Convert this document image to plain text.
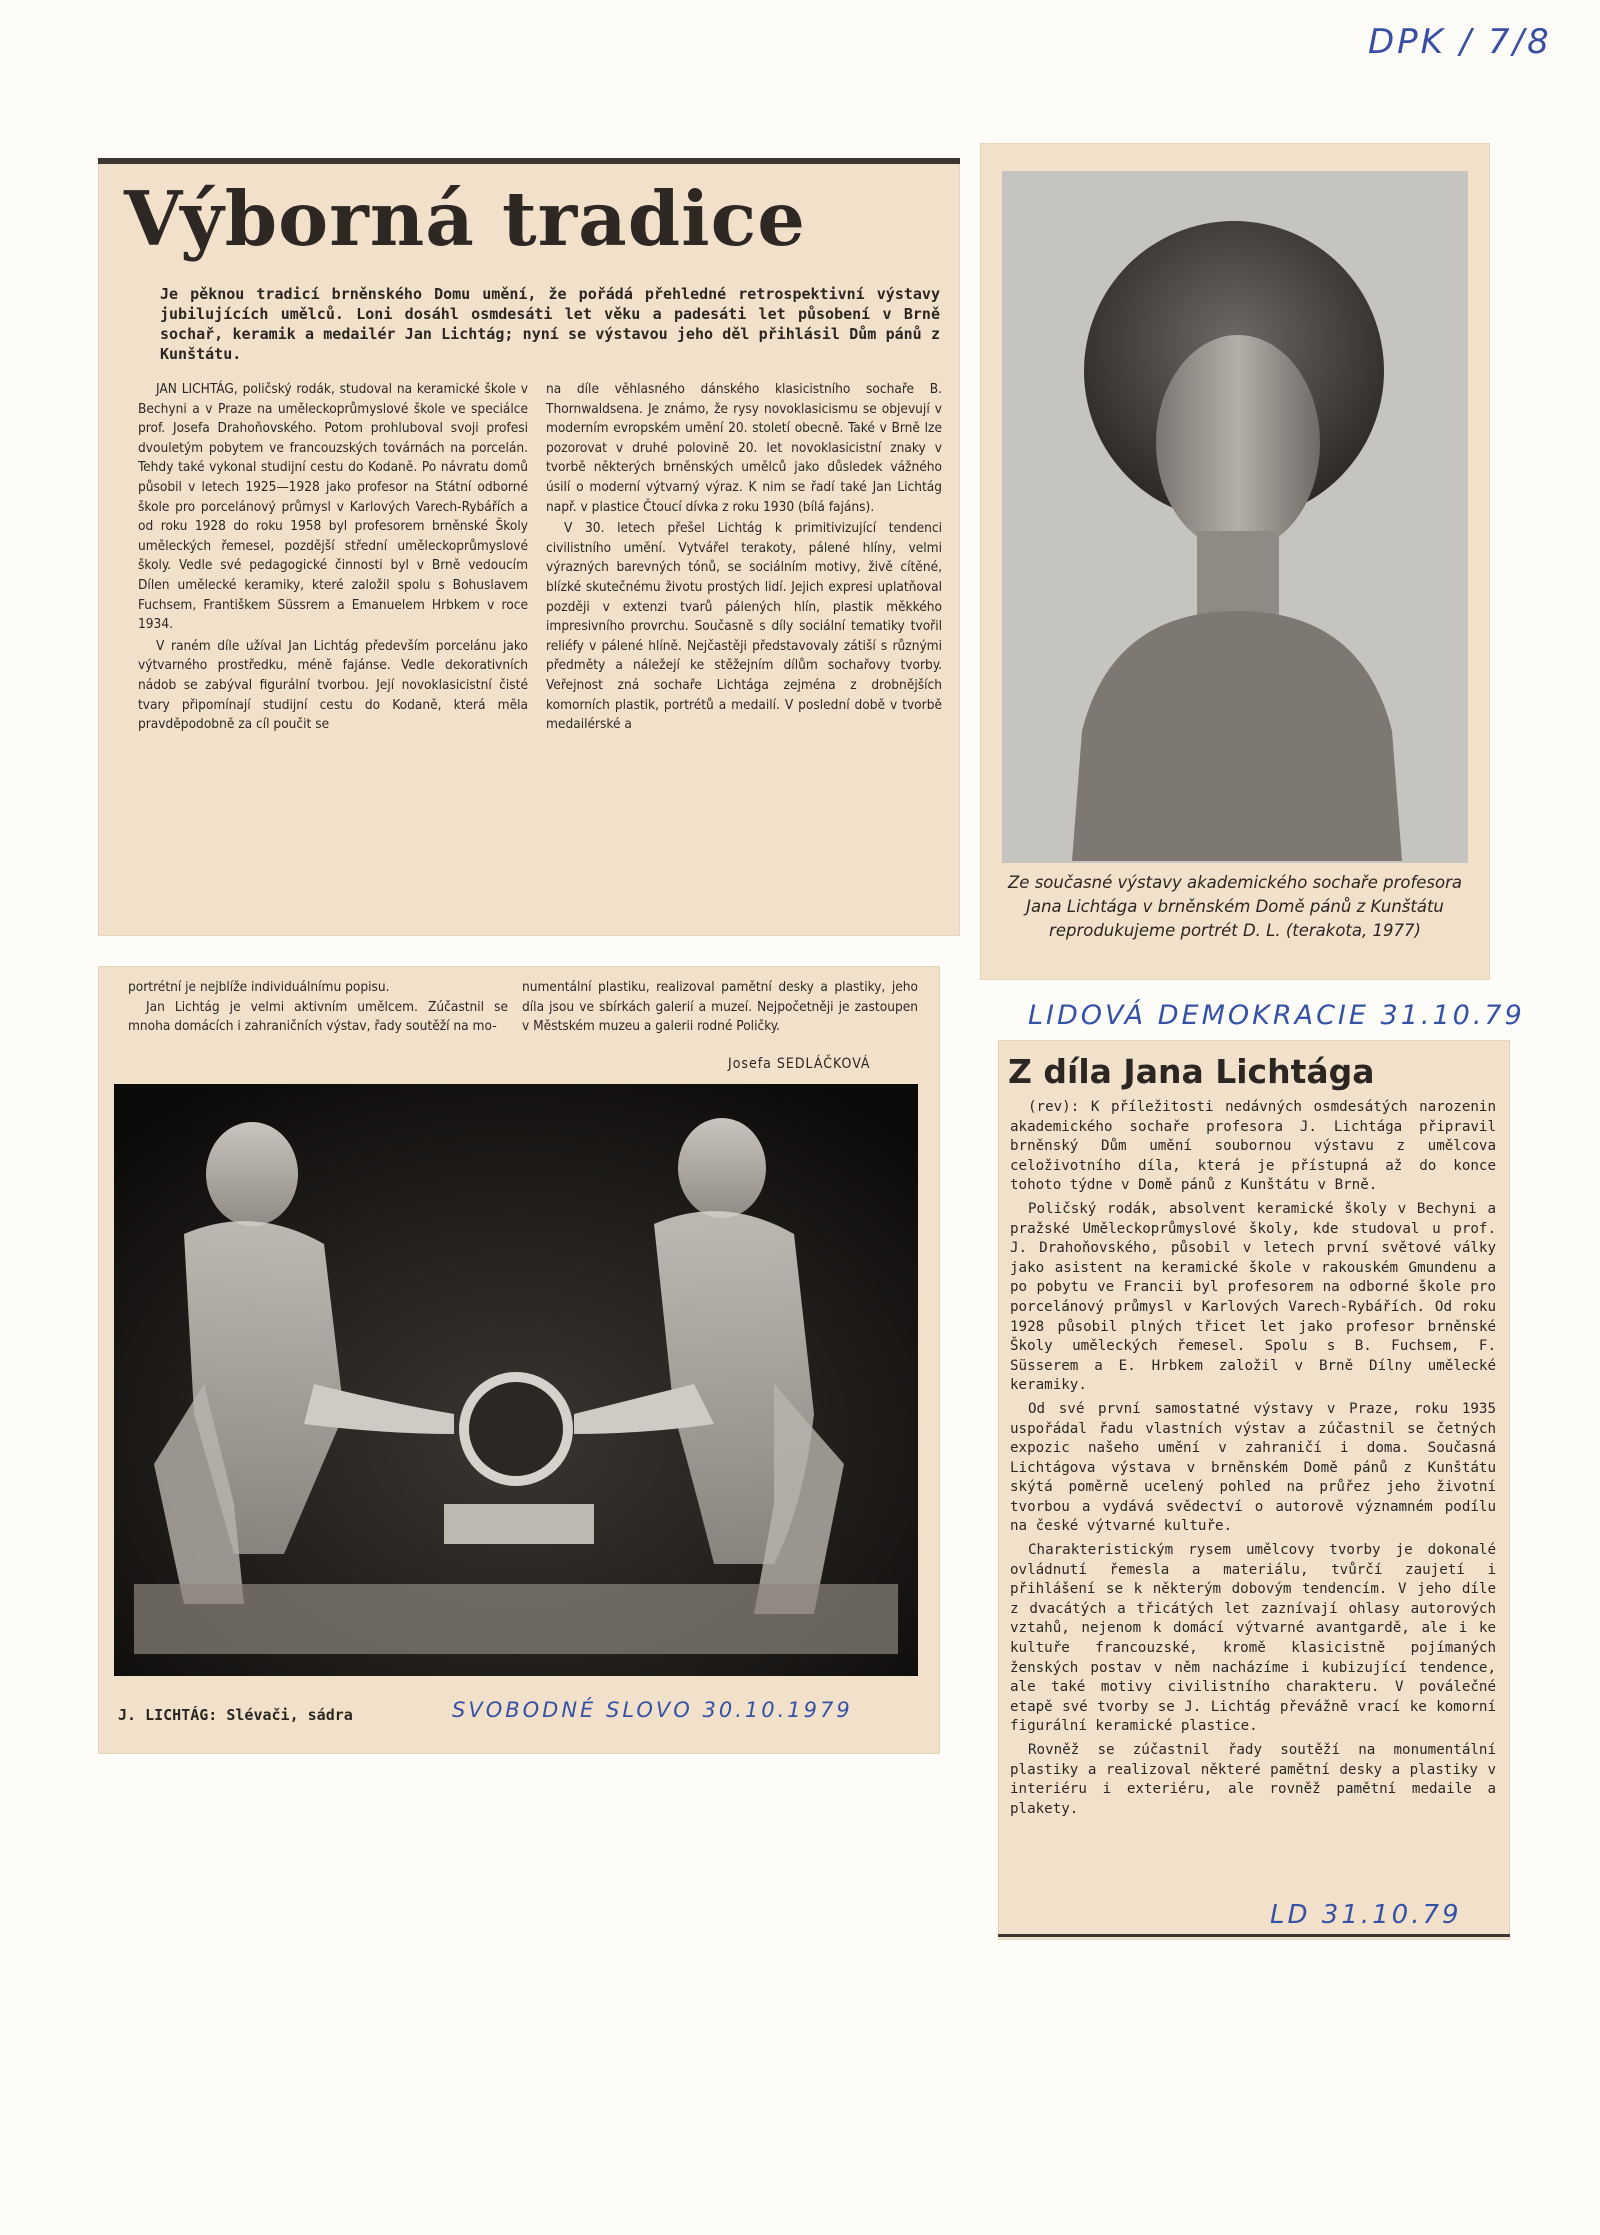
DPK / 7/8
Výborná tradice
Je pěknou tradicí brněnského Domu umění, že pořádá přehledné retrospektivní výstavy jubilujících umělců. Loni dosáhl osmdesáti let věku a padesáti let působení v Brně sochař, keramik a medailér Jan Lichtág; nyní se výstavou jeho děl přihlásil Dům pánů z Kunštátu.

JAN LICHTÁG, poličský rodák, studoval na keramické škole v Bechyni a v Praze na uměleckoprůmyslové škole ve speciálce prof. Josefa Drahoňovského. Potom prohluboval svoji profesi dvouletým pobytem ve francouzských továrnách na porcelán. Tehdy také vykonal studijní cestu do Kodaně. Po návratu domů působil v letech 1925—1928 jako profesor na Státní odborné škole pro porcelánový průmysl v Karlových Varech-Rybářích a od roku 1928 do roku 1958 byl profesorem brněnské Školy uměleckých řemesel, pozdější střední uměleckoprůmyslové školy. Vedle své pedagogické činnosti byl v Brně vedoucím Dílen umělecké keramiky, které založil spolu s Bohuslavem Fuchsem, Františkem Süssrem a Emanuelem Hrbkem v roce 1934.

V raném díle užíval Jan Lichtág především porcelánu jako výtvarného prostředku, méně fajánse. Vedle dekorativních nádob se zabýval figurální tvorbou. Její novoklasicistní čisté tvary připomínají studijní cestu do Kodaně, která měla pravděpodobně za cíl poučit se

na díle věhlasného dánského klasicistního sochaře B. Thornwaldsena. Je známo, že rysy novoklasicismu se objevují v moderním evropském umění 20. století obecně. Také v Brně lze pozorovat v druhé polovině 20. let novoklasicistní znaky v tvorbě některých brněnských umělců jako důsledek vážného úsilí o moderní výtvarný výraz. K nim se řadí také Jan Lichtág např. v plastice Čtoucí dívka z roku 1930 (bílá fajáns).

V 30. letech přešel Lichtág k primitivizující tendenci civilistního umění. Vytvářel terakoty, pálené hlíny, velmi výrazných barevných tónů, se sociálním motivy, živě cítěné, blízké skutečnému životu prostých lidí. Jejich expresi uplatňoval později v extenzi tvarů pálených hlín, plastik měkkého impresivního provrchu. Současně s díly sociální tematiky tvořil reliéfy v pálené hlíně. Nejčastěji představovaly zátiší s různými předměty a náležejí ke stěžejním dílům sochařovy tvorby. Veřejnost zná sochaře Lichtága zejména z drobnějších komorních plastik, portrétů a medailí. V poslední době v tvorbě medailérské a

portrétní je nejblíže individuálnímu popisu.

Jan Lichtág je velmi aktivním umělcem. Zúčastnil se mnoha domácích i zahraničních výstav, řady soutěží na mo-

numentální plastiku, realizoval pamětní desky a plastiky, jeho díla jsou ve sbírkách galerií a muzeí. Nejpočetněji je zastoupen v Městském muzeu a galerii rodné Poličky.

Josefa SEDLÁČKOVÁ
J. LICHTÁG: Slévači, sádra	SVOBODNÉ SLOVO 30.10.1979
Ze současné výstavy akademického sochaře profesora Jana Lichtága v brněnském Domě pánů z Kunštátu reprodukujeme portrét D. L. (terakota, 1977)
LIDOVÁ DEMOKRACIE 31.10.79
Z díla Jana Lichtága

(rev): K příležitosti nedávných osmdesátých narozenin akademického sochaře profesora J. Lichtága připravil brněnský Dům umění soubornou výstavu z umělcova celoživotního díla, která je přístupná až do konce tohoto týdne v Domě pánů z Kunštátu v Brně.

Poličský rodák, absolvent keramické školy v Bechyni a pražské Uměleckoprůmyslové školy, kde studoval u prof. J. Drahoňovského, působil v letech první světové války jako asistent na keramické škole v rakouském Gmundenu a po pobytu ve Francii byl profesorem na odborné škole pro porcelánový průmysl v Karlových Varech-Rybářích. Od roku 1928 působil plných třicet let jako profesor brněnské Školy uměleckých řemesel. Spolu s B. Fuchsem, F. Süsserem a E. Hrbkem založil v Brně Dílny umělecké keramiky.

Od své první samostatné výstavy v Praze, roku 1935 uspořádal řadu vlastních výstav a zúčastnil se četných expozic našeho umění v zahraničí i doma. Současná Lichtágova výstava v brněnském Domě pánů z Kunštátu skýtá poměrně ucelený pohled na průřez jeho životní tvorbou a vydává svědectví o autorově významném podílu na české výtvarné kultuře.

Charakteristickým rysem umělcovy tvorby je dokonalé ovládnutí řemesla a materiálu, tvůrčí zaujetí i přihlášení se k některým dobovým tendencím. V jeho díle z dvacátých a třicátých let zaznívají ohlasy autorových vztahů, nejenom k domácí výtvarné avantgardě, ale i ke kultuře francouzské, kromě klasicistně pojímaných ženských postav v něm nacházíme i kubizující tendence, ale také motivy civilistního charakteru. V poválečné etapě své tvorby se J. Lichtág převážně vrací ke komorní figurální keramické plastice.

Rovněž se zúčastnil řady soutěží na monumentální plastiky a realizoval některé pamětní desky a plastiky v interiéru i exteriéru, ale rovněž pamětní medaile a plakety.

LD 31.10.79
